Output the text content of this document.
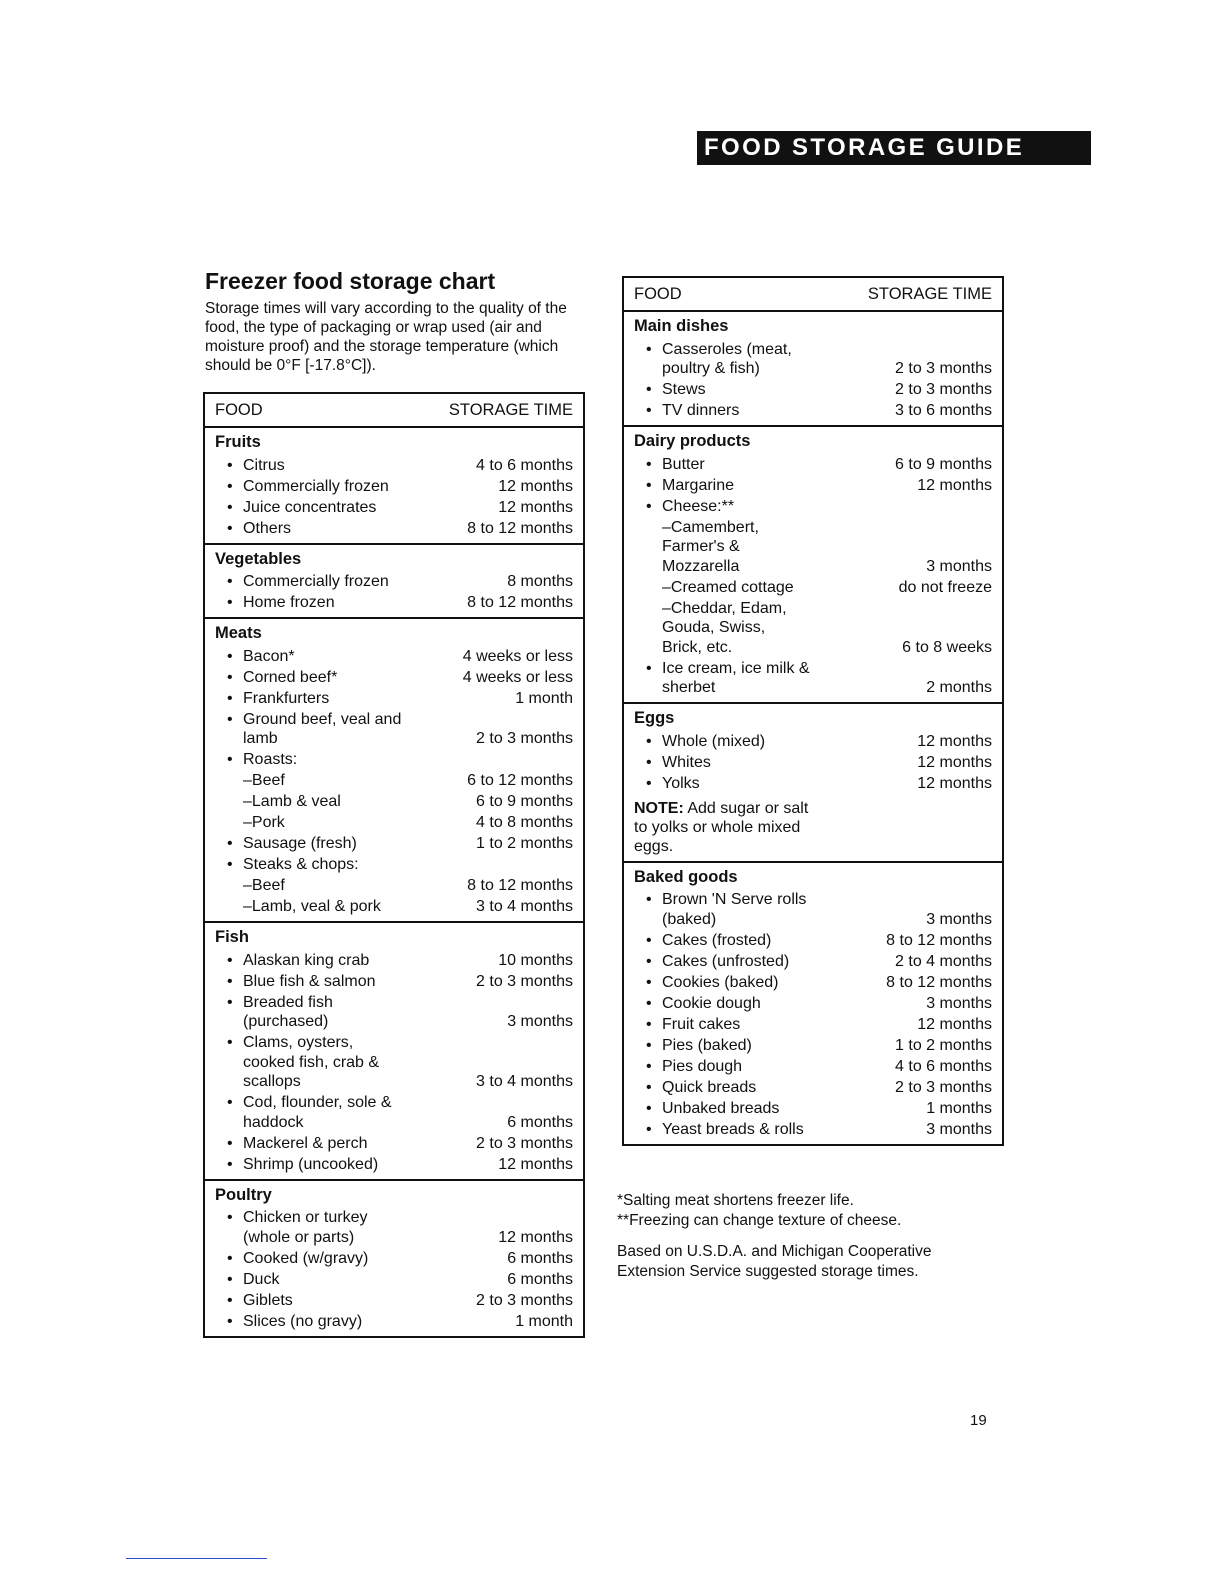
FOOD STORAGE GUIDE
Freezer food storage chart

Storage times will vary according to the quality of the food, the type of packaging or wrap used (air and moisture proof) and the storage temperature (which should be 0°F [-17.8°C]).

FOOD	STORAGE TIME
Fruits
• Citrus	4 to 6 months
• Commercially frozen	12 months
• Juice concentrates	12 months
• Others	8 to 12 months
Vegetables
• Commercially frozen	8 months
• Home frozen	8 to 12 months
Meats
• Bacon*	4 weeks or less
• Corned beef*	4 weeks or less
• Frankfurters	1 month
• Ground beef, veal and
lamb	2 to 3 months
• Roasts:
–Beef	6 to 12 months
–Lamb & veal	6 to 9 months
–Pork	4 to 8 months
• Sausage (fresh)	1 to 2 months
• Steaks & chops:
–Beef	8 to 12 months
–Lamb, veal & pork	3 to 4 months
Fish
• Alaskan king crab	10 months
• Blue fish & salmon	2 to 3 months
• Breaded fish
(purchased)	3 months
• Clams, oysters,
cooked fish, crab &
scallops	3 to 4 months
• Cod, flounder, sole &
haddock	6 months
• Mackerel & perch	2 to 3 months
• Shrimp (uncooked)	12 months
Poultry
• Chicken or turkey
(whole or parts)	12 months
• Cooked (w/gravy)	6 months
• Duck	6 months
• Giblets	2 to 3 months
• Slices (no gravy)	1 month
FOOD	STORAGE TIME
Main dishes
• Casseroles (meat,
poultry & fish)	2 to 3 months
• Stews	2 to 3 months
• TV dinners	3 to 6 months
Dairy products
• Butter	6 to 9 months
• Margarine	12 months
• Cheese:**
–Camembert,
Farmer's &
Mozzarella	3 months
–Creamed cottage	do not freeze
–Cheddar, Edam,
Gouda, Swiss,
Brick, etc.	6 to 8 weeks
• Ice cream, ice milk &
sherbet	2 months
Eggs
• Whole (mixed)	12 months
• Whites	12 months
• Yolks	12 months
NOTE: Add sugar or salt
to yolks or whole mixed
eggs.
Baked goods
• Brown 'N Serve rolls
(baked)	3 months
• Cakes (frosted)	8 to 12 months
• Cakes (unfrosted)	2 to 4 months
• Cookies (baked)	8 to 12 months
• Cookie dough	3 months
• Fruit cakes	12 months
• Pies (baked)	1 to 2 months
• Pies dough	4 to 6 months
• Quick breads	2 to 3 months
• Unbaked breads	1 months
• Yeast breads & rolls	3 months

*Salting meat shortens freezer life.

**Freezing can change texture of cheese.

Based on U.S.D.A. and Michigan Cooperative Extension Service suggested storage times.

19
